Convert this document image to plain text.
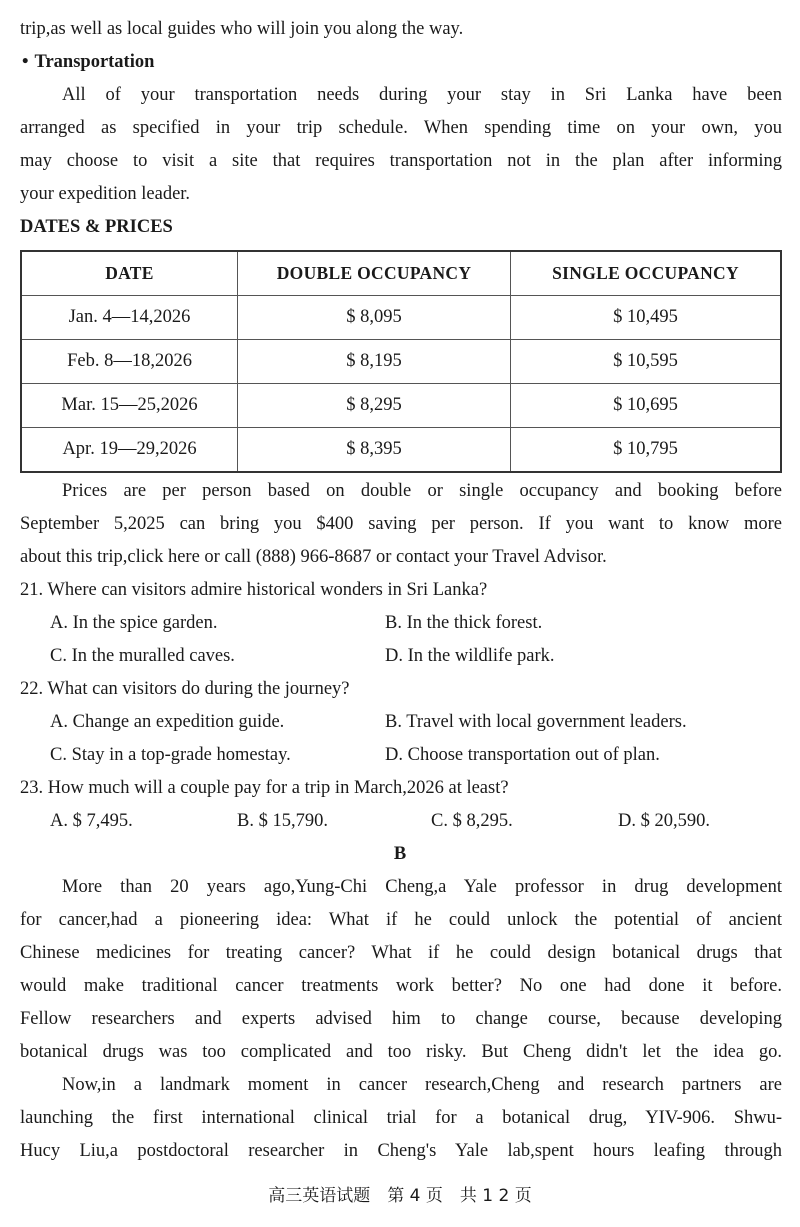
trip,as well as local guides who will join you along the way.
• Transportation
All of your transportation needs during your stay in Sri Lanka have been
arranged as specified in your trip schedule. When spending time on your own, you
may choose to visit a site that requires transportation not in the plan after informing
your expedition leader.
DATES & PRICES
DATE	DOUBLE OCCUPANCY	SINGLE OCCUPANCY
Jan. 4—14,2026	$ 8,095	$ 10,495
Feb. 8—18,2026	$ 8,195	$ 10,595
Mar. 15—25,2026	$ 8,295	$ 10,695
Apr. 19—29,2026	$ 8,395	$ 10,795
Prices are per person based on double or single occupancy and booking before
September 5,2025 can bring you $400 saving per person. If you want to know more
about this trip,click here or call (888) 966-8687 or contact your Travel Advisor.
21. Where can visitors admire historical wonders in Sri Lanka?
A. In the spice garden.	B. In the thick forest.
C. In the muralled caves.	D. In the wildlife park.
22. What can visitors do during the journey?
A. Change an expedition guide.	B. Travel with local government leaders.
C. Stay in a top-grade homestay.	D. Choose transportation out of plan.
23. How much will a couple pay for a trip in March,2026 at least?
A. $ 7,495.	B. $ 15,790.	C. $ 8,295.	D. $ 20,590.
B
More than 20 years ago,Yung-Chi Cheng,a Yale professor in drug development
for cancer,had a pioneering idea: What if he could unlock the potential of ancient
Chinese medicines for treating cancer? What if he could design botanical drugs that
would make traditional cancer treatments work better? No one had done it before.
Fellow researchers and experts advised him to change course, because developing
botanical drugs was too complicated and too risky. But Cheng didn't let the idea go.
Now,in a landmark moment in cancer research,Cheng and research partners are
launching the first international clinical trial for a botanical drug, YIV-906. Shwu-
Hucy Liu,a postdoctoral researcher in Cheng's Yale lab,spent hours leafing through
高三英语试题　第 4 页　共 1 2 页
